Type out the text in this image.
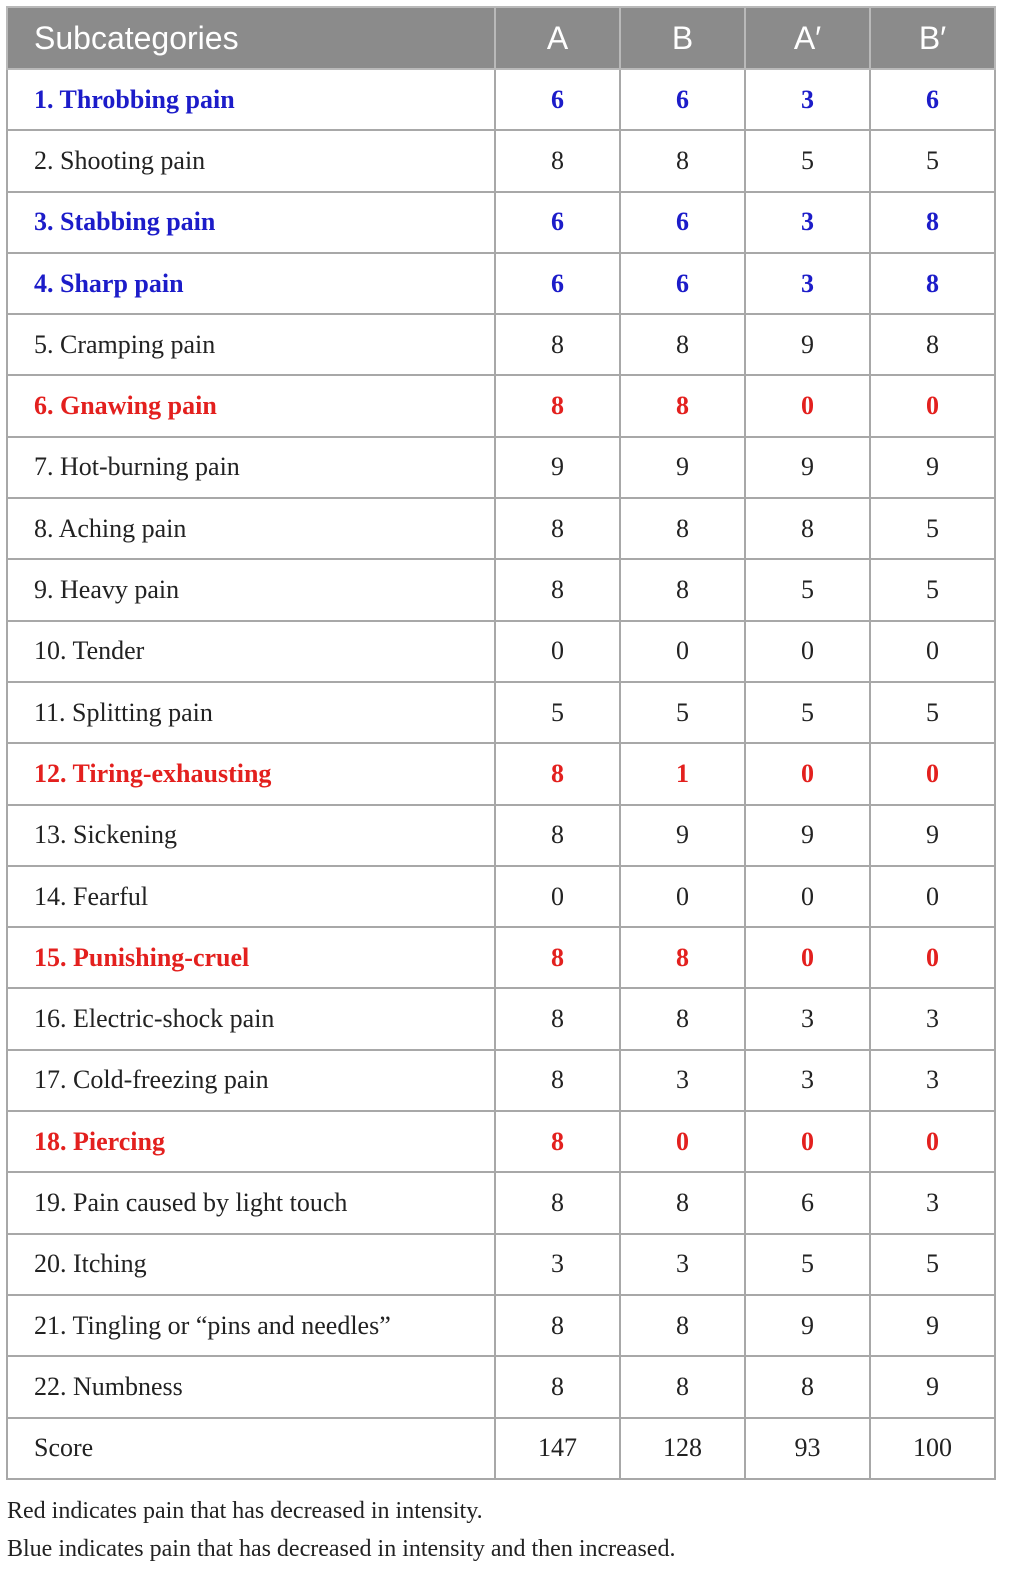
Subcategories	A	B	A′	B′
1. Throbbing pain	6	6	3	6
2. Shooting pain	8	8	5	5
3. Stabbing pain	6	6	3	8
4. Sharp pain	6	6	3	8
5. Cramping pain	8	8	9	8
6. Gnawing pain	8	8	0	0
7. Hot-burning pain	9	9	9	9
8. Aching pain	8	8	8	5
9. Heavy pain	8	8	5	5
10. Tender	0	0	0	0
11. Splitting pain	5	5	5	5
12. Tiring-exhausting	8	1	0	0
13. Sickening	8	9	9	9
14. Fearful	0	0	0	0
15. Punishing-cruel	8	8	0	0
16. Electric-shock pain	8	8	3	3
17. Cold-freezing pain	8	3	3	3
18. Piercing	8	0	0	0
19. Pain caused by light touch	8	8	6	3
20. Itching	3	3	5	5
21. Tingling or “pins and needles”	8	8	9	9
22. Numbness	8	8	8	9
Score	147	128	93	100
Red indicates pain that has decreased in intensity.
Blue indicates pain that has decreased in intensity and then increased.
